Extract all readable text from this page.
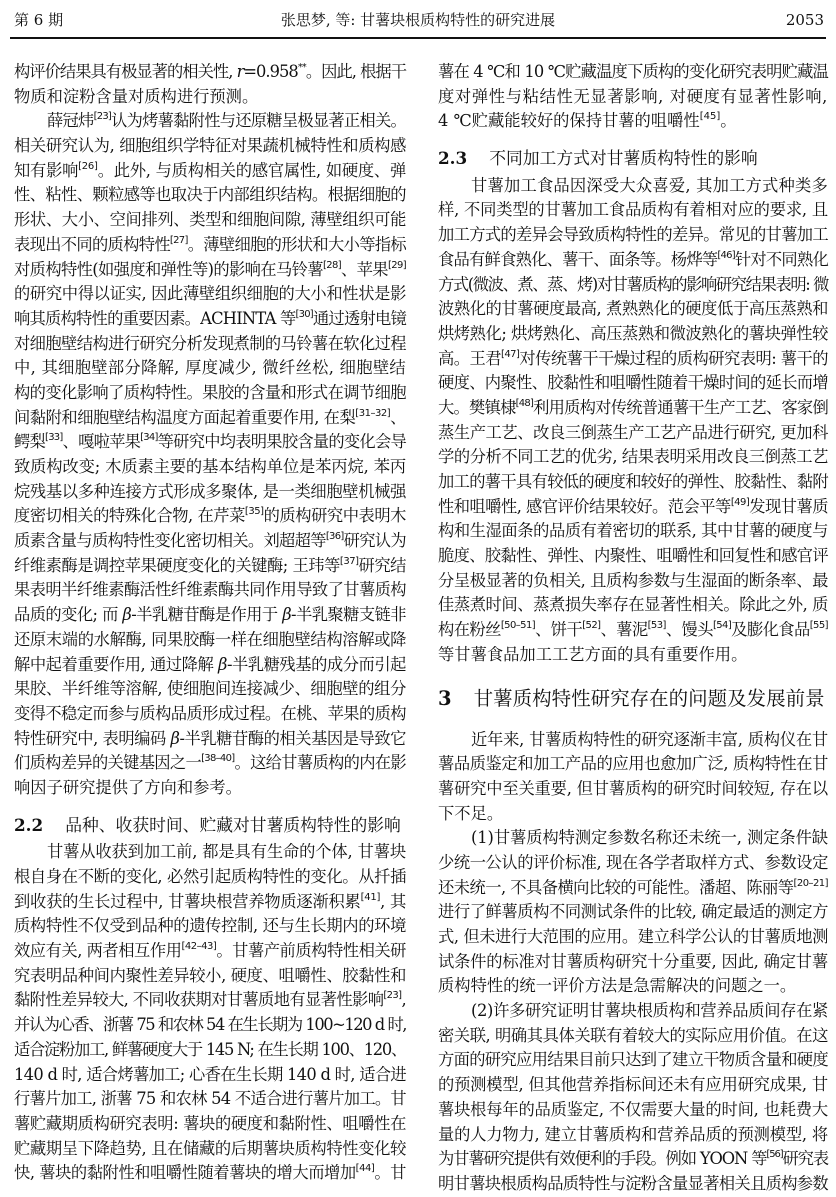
第 6 期	张思梦, 等: 甘薯块根质构特性的研究进展	2053
构评价结果具有极显著的相关性, r=0.958**。因此, 根据干
物质和淀粉含量对质构进行预测。
薛冠炜[23]认为烤薯黏附性与还原糖呈极显著正相关。
相关研究认为, 细胞组织学特征对果蔬机械特性和质构感
知有影响[26]。此外, 与质构相关的感官属性, 如硬度、弹
性、粘性、颗粒感等也取决于内部组织结构。根据细胞的
形状、大小、空间排列、类型和细胞间隙, 薄壁组织可能
表现出不同的质构特性[27]。薄壁细胞的形状和大小等指标
对质构特性(如强度和弹性等)的影响在马铃薯[28]、苹果[29]
的研究中得以证实, 因此薄壁组织细胞的大小和性状是影
响其质构特性的重要因素。ACHINTA 等[30]通过透射电镜
对细胞壁结构进行研究分析发现煮制的马铃薯在软化过程
中, 其细胞壁部分降解, 厚度减少, 微纤丝松, 细胞壁结
构的变化影响了质构特性。果胶的含量和形式在调节细胞
间黏附和细胞壁结构温度方面起着重要作用, 在梨[31–32]、
鳄梨[33]、嘎啦苹果[34]等研究中均表明果胶含量的变化会导
致质构改变; 木质素主要的基本结构单位是苯丙烷, 苯丙
烷残基以多种连接方式形成多聚体, 是一类细胞壁机械强
度密切相关的特殊化合物, 在芹菜[35]的质构研究中表明木
质素含量与质构特性变化密切相关。刘超超等[36]研究认为
纤维素酶是调控苹果硬度变化的关键酶; 王玮等[37]研究结
果表明半纤维素酶活性纤维素酶共同作用导致了甘薯质构
品质的变化; 而 β-半乳糖苷酶是作用于 β-半乳聚糖支链非
还原末端的水解酶, 同果胶酶一样在细胞壁结构溶解或降
解中起着重要作用, 通过降解 β-半乳糖残基的成分而引起
果胶、半纤维等溶解, 使细胞间连接减少、细胞壁的组分
变得不稳定而参与质构品质形成过程。在桃、苹果的质构
特性研究中, 表明编码 β-半乳糖苷酶的相关基因是导致它
们质构差异的关键基因之一[38–40]。这给甘薯质构的内在影
响因子研究提供了方向和参考。
2.2 品种、收获时间、贮藏对甘薯质构特性的影响
甘薯从收获到加工前, 都是具有生命的个体, 甘薯块
根自身在不断的变化, 必然引起质构特性的变化。从扦插
到收获的生长过程中, 甘薯块根营养物质逐渐积累[41], 其
质构特性不仅受到品种的遗传控制, 还与生长期内的环境
效应有关, 两者相互作用[42–43]。甘薯产前质构特性相关研
究表明品种间内聚性差异较小, 硬度、咀嚼性、胶黏性和
黏附性差异较大, 不同收获期对甘薯质地有显著性影响[23],
并认为心香、浙薯 75 和农林 54 在生长期为 100~120 d 时,
适合淀粉加工, 鲜薯硬度大于 145 N; 在生长期 100、120、
140 d 时, 适合烤薯加工; 心香在生长期 140 d 时, 适合进
行薯片加工, 浙薯 75 和农林 54 不适合进行薯片加工。甘
薯贮藏期质构研究表明: 薯块的硬度和黏附性、咀嚼性在
贮藏期呈下降趋势, 且在储藏的后期薯块质构特性变化较
快, 薯块的黏附性和咀嚼性随着薯块的增大而增加[44]。甘
薯在 4 ℃和 10 ℃贮藏温度下质构的变化研究表明贮藏温
度对弹性与粘结性无显著影响, 对硬度有显著性影响,
4 ℃贮藏能较好的保持甘薯的咀嚼性[45]。
2.3 不同加工方式对甘薯质构特性的影响
甘薯加工食品因深受大众喜爱, 其加工方式种类多
样, 不同类型的甘薯加工食品质构有着相对应的要求, 且
加工方式的差异会导致质构特性的差异。常见的甘薯加工
食品有鲜食熟化、薯干、面条等。杨烨等[46]针对不同熟化
方式(微波、煮、蒸、烤)对甘薯质构的影响研究结果表明: 微
波熟化的甘薯硬度最高, 煮熟熟化的硬度低于高压蒸熟和
烘烤熟化; 烘烤熟化、高压蒸熟和微波熟化的薯块弹性较
高。王君[47]对传统薯干干燥过程的质构研究表明: 薯干的
硬度、内聚性、胶黏性和咀嚼性随着干燥时间的延长而增
大。樊镇棣[48]利用质构对传统普通薯干生产工艺、客家倒
蒸生产工艺、改良三倒蒸生产工艺产品进行研究, 更加科
学的分析不同工艺的优劣, 结果表明采用改良三倒蒸工艺
加工的薯干具有较低的硬度和较好的弹性、胶黏性、黏附
性和咀嚼性, 感官评价结果较好。范会平等[49]发现甘薯质
构和生湿面条的品质有着密切的联系, 其中甘薯的硬度与
脆度、胶黏性、弹性、内聚性、咀嚼性和回复性和感官评
分呈极显著的负相关, 且质构参数与生湿面的断条率、最
佳蒸煮时间、蒸煮损失率存在显著性相关。除此之外, 质
构在粉丝[50–51]、饼干[52]、薯泥[53]、馒头[54]及膨化食品[55]
等甘薯食品加工工艺方面的具有重要作用。
3 甘薯质构特性研究存在的问题及发展前景
近年来, 甘薯质构特性的研究逐渐丰富, 质构仪在甘
薯品质鉴定和加工产品的应用也愈加广泛, 质构特性在甘
薯研究中至关重要, 但甘薯质构的研究时间较短, 存在以
下不足。
(1)甘薯质构特测定参数名称还未统一, 测定条件缺
少统一公认的评价标准, 现在各学者取样方式、参数设定
还未统一, 不具备横向比较的可能性。潘超、陈丽等[20–21]
进行了鲜薯质构不同测试条件的比较, 确定最适的测定方
式, 但未进行大范围的应用。建立科学公认的甘薯质地测
试条件的标准对甘薯质构研究十分重要, 因此, 确定甘薯
质构特性的统一评价方法是急需解决的问题之一。
(2)许多研究证明甘薯块根质构和营养品质间存在紧
密关联, 明确其具体关联有着较大的实际应用价值。在这
方面的研究应用结果目前只达到了建立干物质含量和硬度
的预测模型, 但其他营养指标间还未有应用研究成果, 甘
薯块根每年的品质鉴定, 不仅需要大量的时间, 也耗费大
量的人力物力, 建立甘薯质构和营养品质的预测模型, 将
为甘薯研究提供有效便利的手段。例如 YOON 等[56]研究表
明甘薯块根质构品质特性与淀粉含量显著相关且质构参数
